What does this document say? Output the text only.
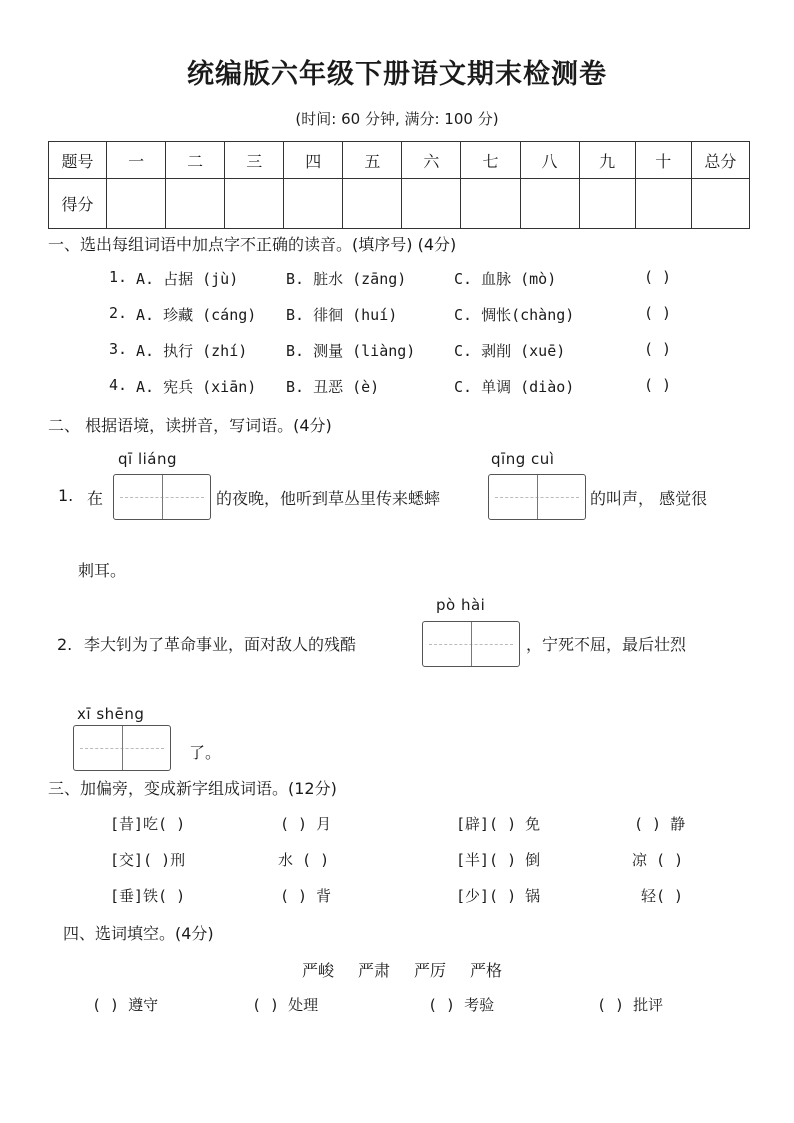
统编版六年级下册语文期末检测卷
(时间: 60 分钟, 满分: 100 分)
题号	一	二	三	四	五	六	七	八	九	十	总分
得分											
一、选出每组词语中加点字不正确的读音。(填序号) (4分)
1. A. 占据 (jù)	B. 脏水 (zāng)	C. 血脉 (mò)	( )
2. A. 珍藏 (cáng) B. 徘徊 (huí)	C. 惆怅(chàng)	( )
3. A. 执行 (zhí)	B. 测量 (liàng)	C. 剥削 (xuē)	( )
4. A. 宪兵 (xiān) B. 丑恶 (è)	C. 单调 (diào)	( )
二、 根据语境，读拼音，写词语。(4分)
qī liáng	qīng cuì
1. 在	的夜晚，他听到草丛里传来蟋蟀	的叫声， 感觉很
刺耳。
pò hài
2. 李大钊为了革命事业，面对敌人的残酷	，宁死不屈，最后壮烈
xī shēng
了。
三、加偏旁，变成新字组成词语。(12分)
[昔]吃( )	( ) 月	[辟]( ) 免	( ) 静
[交]( )刑	水 ( )	[半]( ) 倒	凉 ( )
[垂]铁( )	( ) 背	[少]( ) 锅	轻( )
四、选词填空。(4分)
严峻 严肃 严厉 严格
( ) 遵守	( ) 处理	( ) 考验	( ) 批评
